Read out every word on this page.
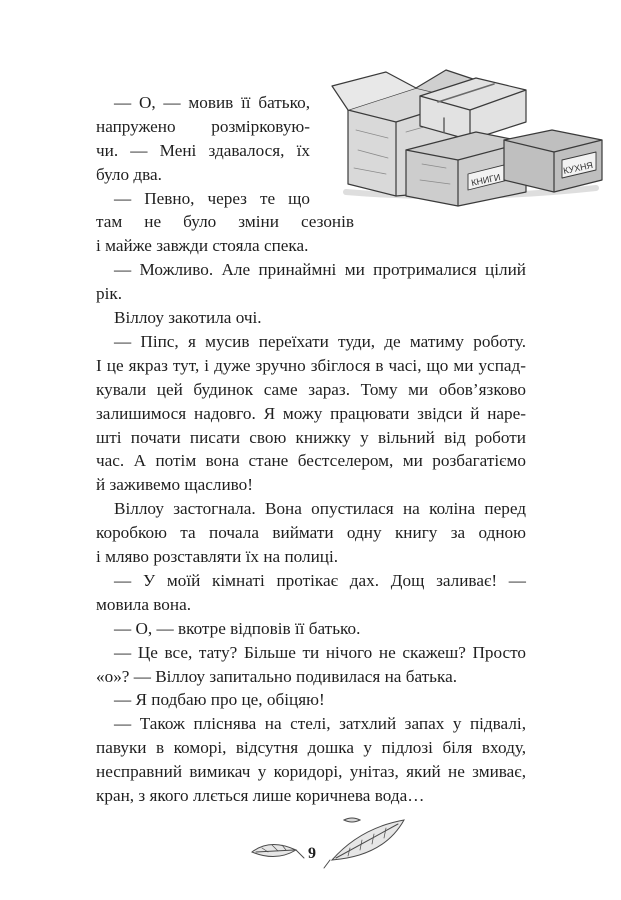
КНИГИ
КУХНЯ
— О, — мовив її батько,
напружено розмірковую-
чи. — Мені здавалося, їх
було два.
— Певно, через те що
там не було зміни сезонів
і майже завжди стояла спека.
— Можливо. Але принаймні ми протрималися цілий
рік.
Віллоу закотила очі.
— Піпс, я мусив переїхати туди, де матиму роботу.
І це якраз тут, і дуже зручно збіглося в часі, що ми успад-
кували цей будинок саме зараз. Тому ми обов’язково
залишимося надовго. Я можу працювати звідси й нарe-
шті почати писати свою книжку у вільний від роботи
час. А потім вона стане бестселером, ми розбагатіємо
й заживемо щасливо!
Віллоу застогнала. Вона опустилася на коліна перед
коробкою та почала виймати одну книгу за одною
і мляво розставляти їх на полиці.
— У моїй кімнаті протікає дах. Дощ заливає! —
мовила вона.
— О, — вкотре відповів її батько.
— Це все, тату? Більше ти нічого не скажеш? Просто
«о»? — Віллоу запитально подивилася на батька.
— Я подбаю про це, обіцяю!
— Також пліснява на стелі, затхлий запах у підвалі,
павуки в коморі, відсутня дошка у підлозі біля входу,
несправний вимикач у коридорі, унітаз, який не змиває,
кран, з якого ллється лише коричнева вода…
9
